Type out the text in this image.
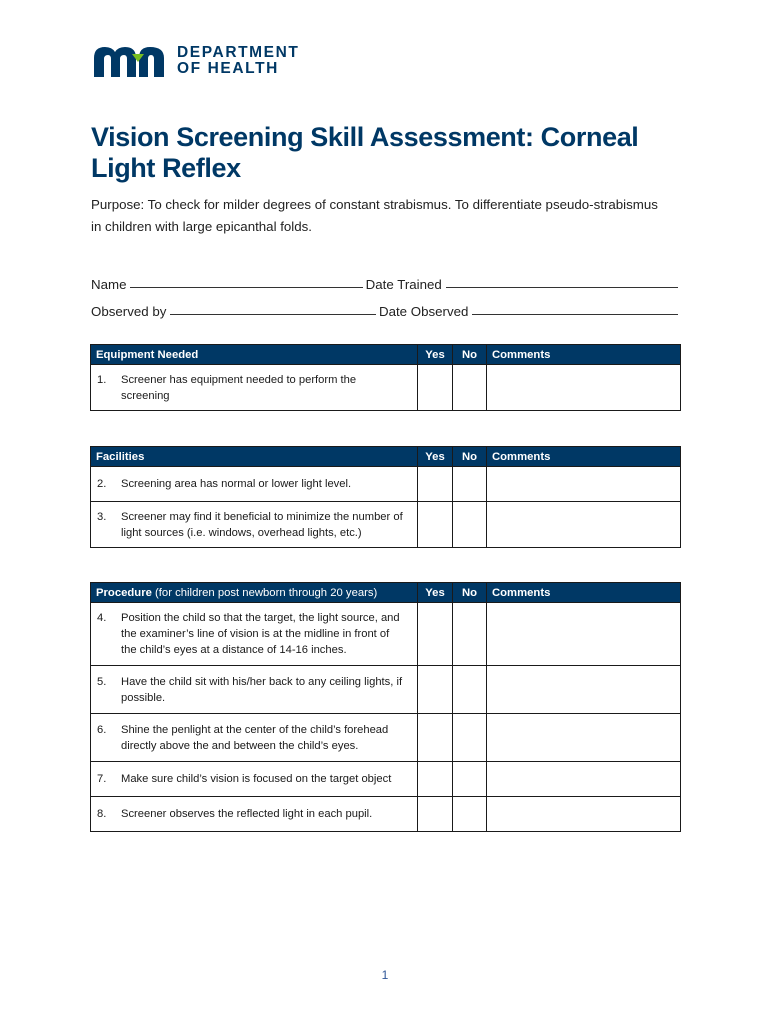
DEPARTMENT
OF HEALTH
Vision Screening Skill Assessment: Corneal Light Reflex

Purpose: To check for milder degrees of constant strabismus. To differentiate pseudo-strabismus in children with large epicanthal folds.

Name	Date Trained
Observed by	Date Observed
Equipment Needed	Yes	No	Comments
1. Screener has equipment needed to perform the screening			
Facilities	Yes	No	Comments
2. Screening area has normal or lower light level.			
3. Screener may find it beneficial to minimize the number of light sources (i.e. windows, overhead lights, etc.)			
Procedure (for children post newborn through 20 years)	Yes	No	Comments
4. Position the child so that the target, the light source, and the examiner’s line of vision is at the midline in front of the child’s eyes at a distance of 14-16 inches.			
5. Have the child sit with his/her back to any ceiling lights, if possible.			
6. Shine the penlight at the center of the child’s forehead directly above the and between the child’s eyes.			
7. Make sure child’s vision is focused on the target object			
8. Screener observes the reflected light in each pupil.			
1
